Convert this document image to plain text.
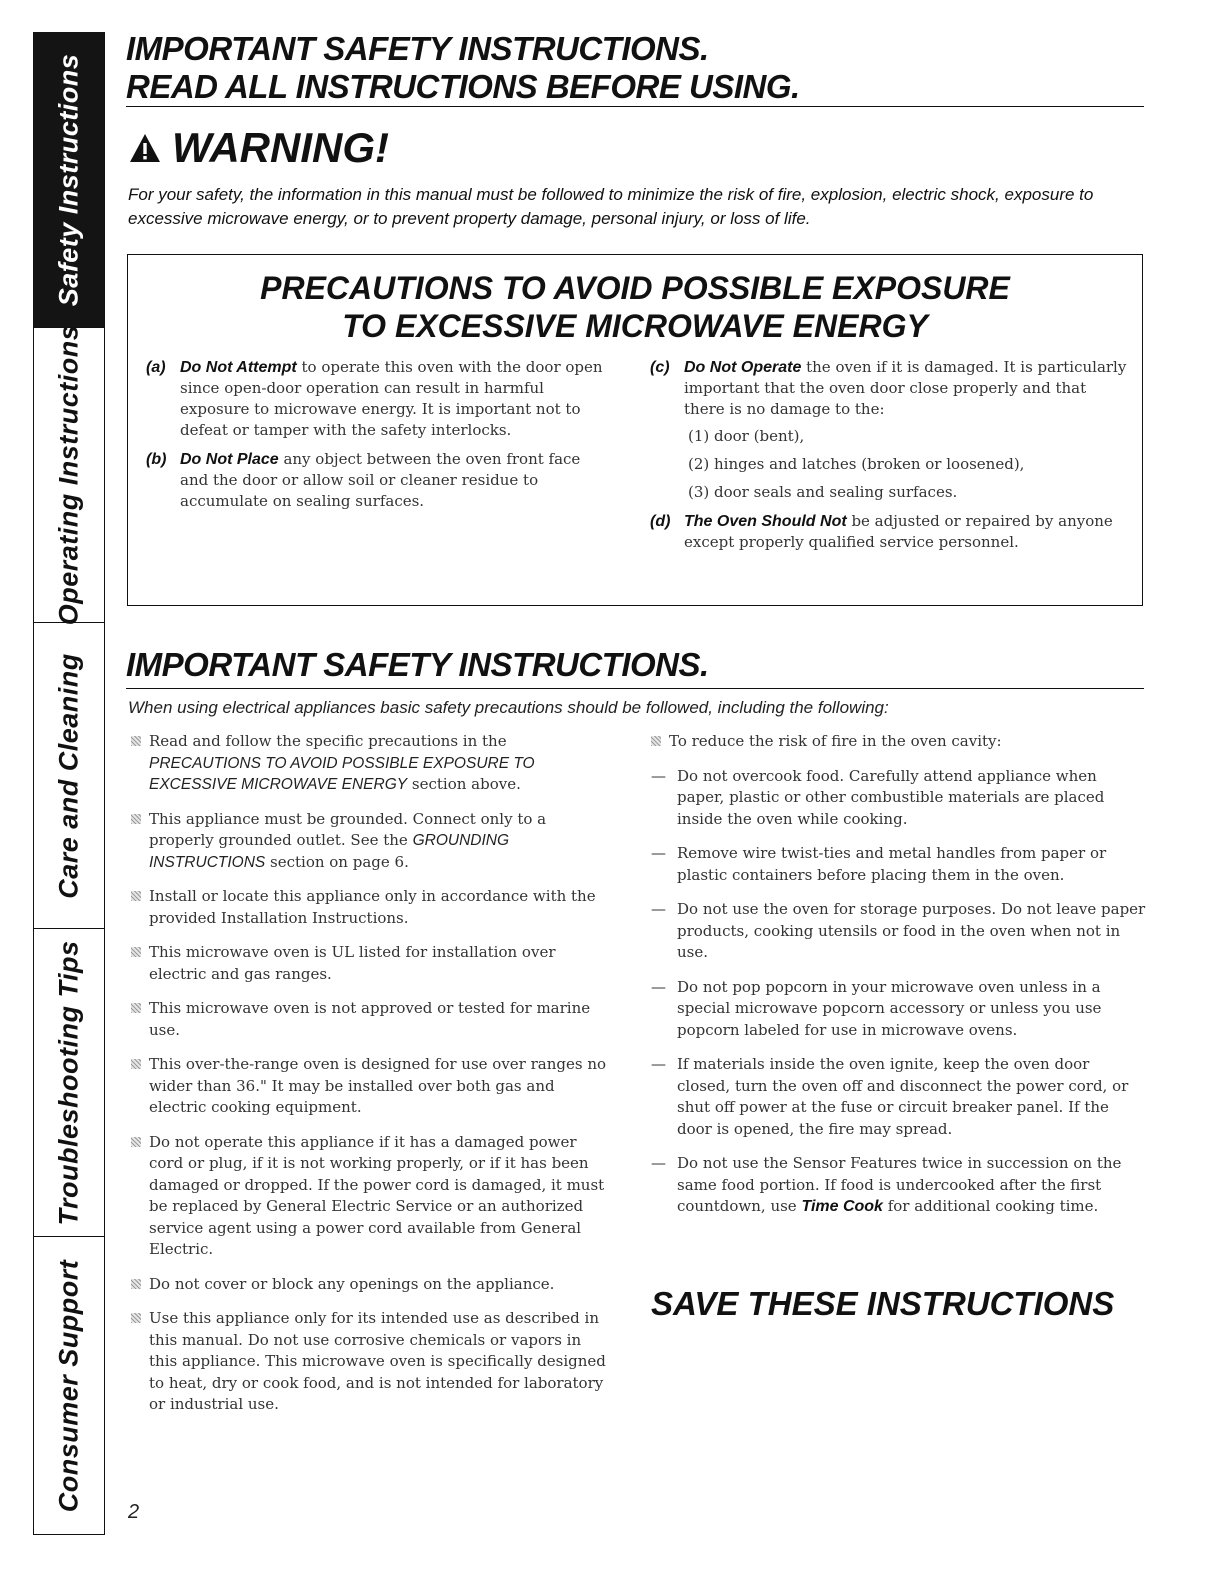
Safety Instructions
Operating Instructions
Care and Cleaning
Troubleshooting Tips
Consumer Support
IMPORTANT SAFETY INSTRUCTIONS.
READ ALL INSTRUCTIONS BEFORE USING.
WARNING!
For your safety, the information in this manual must be followed to minimize the risk of fire, explosion, electric shock, exposure to excessive microwave energy, or to prevent property damage, personal injury, or loss of life.
PRECAUTIONS TO AVOID POSSIBLE EXPOSURE
TO EXCESSIVE MICROWAVE ENERGY
(a) Do Not Attempt to operate this oven with the door open since open-door operation can result in harmful exposure to microwave energy. It is important not to defeat or tamper with the safety interlocks.
(b) Do Not Place any object between the oven front face and the door or allow soil or cleaner residue to accumulate on sealing surfaces.
(c) Do Not Operate the oven if it is damaged. It is particularly important that the oven door close properly and that there is no damage to the:
(1) door (bent),
(2) hinges and latches (broken or loosened),
(3) door seals and sealing surfaces.
(d) The Oven Should Not be adjusted or repaired by anyone except properly qualified service personnel.
IMPORTANT SAFETY INSTRUCTIONS.
When using electrical appliances basic safety precautions should be followed, including the following:
Read and follow the specific precautions in the PRECAUTIONS TO AVOID POSSIBLE EXPOSURE TO EXCESSIVE MICROWAVE ENERGY section above.
This appliance must be grounded. Connect only to a properly grounded outlet. See the GROUNDING INSTRUCTIONS section on page 6.
Install or locate this appliance only in accordance with the provided Installation Instructions.
This microwave oven is UL listed for installation over electric and gas ranges.
This microwave oven is not approved or tested for marine use.
This over-the-range oven is designed for use over ranges no wider than 36." It may be installed over both gas and electric cooking equipment.
Do not operate this appliance if it has a damaged power cord or plug, if it is not working properly, or if it has been damaged or dropped. If the power cord is damaged, it must be replaced by General Electric Service or an authorized service agent using a power cord available from General Electric.
Do not cover or block any openings on the appliance.
Use this appliance only for its intended use as described in this manual. Do not use corrosive chemicals or vapors in this appliance. This microwave oven is specifically designed to heat, dry or cook food, and is not intended for laboratory or industrial use.
To reduce the risk of fire in the oven cavity:
— Do not overcook food. Carefully attend appliance when paper, plastic or other combustible materials are placed inside the oven while cooking.
— Remove wire twist-ties and metal handles from paper or plastic containers before placing them in the oven.
— Do not use the oven for storage purposes. Do not leave paper products, cooking utensils or food in the oven when not in use.
— Do not pop popcorn in your microwave oven unless in a special microwave popcorn accessory or unless you use popcorn labeled for use in microwave ovens.
— If materials inside the oven ignite, keep the oven door closed, turn the oven off and disconnect the power cord, or shut off power at the fuse or circuit breaker panel. If the door is opened, the fire may spread.
— Do not use the Sensor Features twice in succession on the same food portion. If food is undercooked after the first countdown, use Time Cook for additional cooking time.
SAVE THESE INSTRUCTIONS
2
